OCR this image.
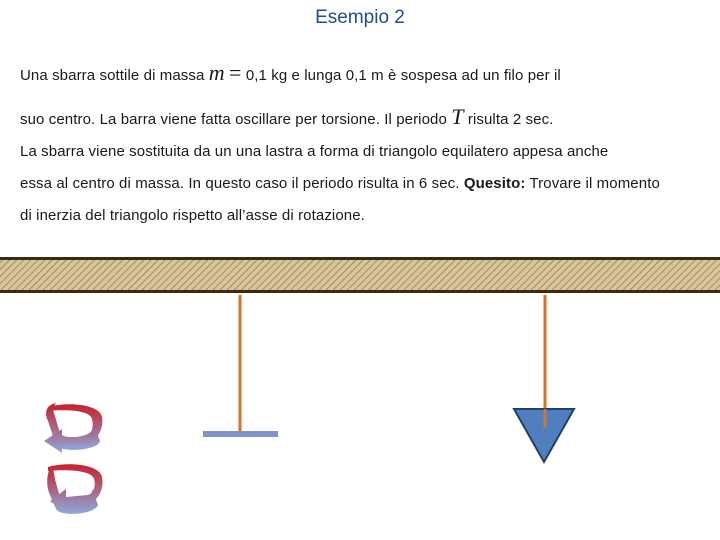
Esempio 2
Una sbarra sottile di massa m = 0,1 kg e lunga 0,1 m è sospesa ad un filo per il
suo centro. La barra viene fatta oscillare per torsione. Il periodo T risulta 2 sec.
La sbarra viene sostituita da un una lastra a forma di triangolo equilatero appesa anche
essa al centro di massa. In questo caso il periodo risulta in 6 sec. Quesito: Trovare il momento
di inerzia del triangolo rispetto all’asse di rotazione.
